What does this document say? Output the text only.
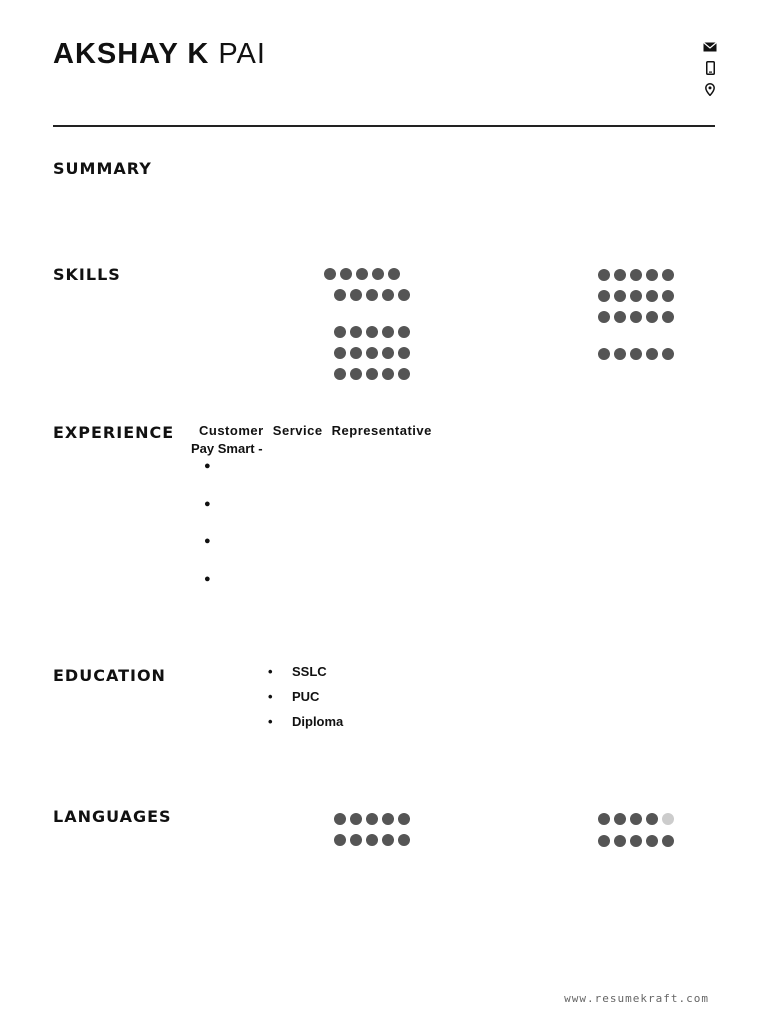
AKSHAY K PAI
SUMMARY
SKILLS
EXPERIENCE
EDUCATION
LANGUAGES
Customer Service Representative
Pay Smart -
●
●
●
●
•	SSLC
•	PUC
•	Diploma
www.resumekraft.com
